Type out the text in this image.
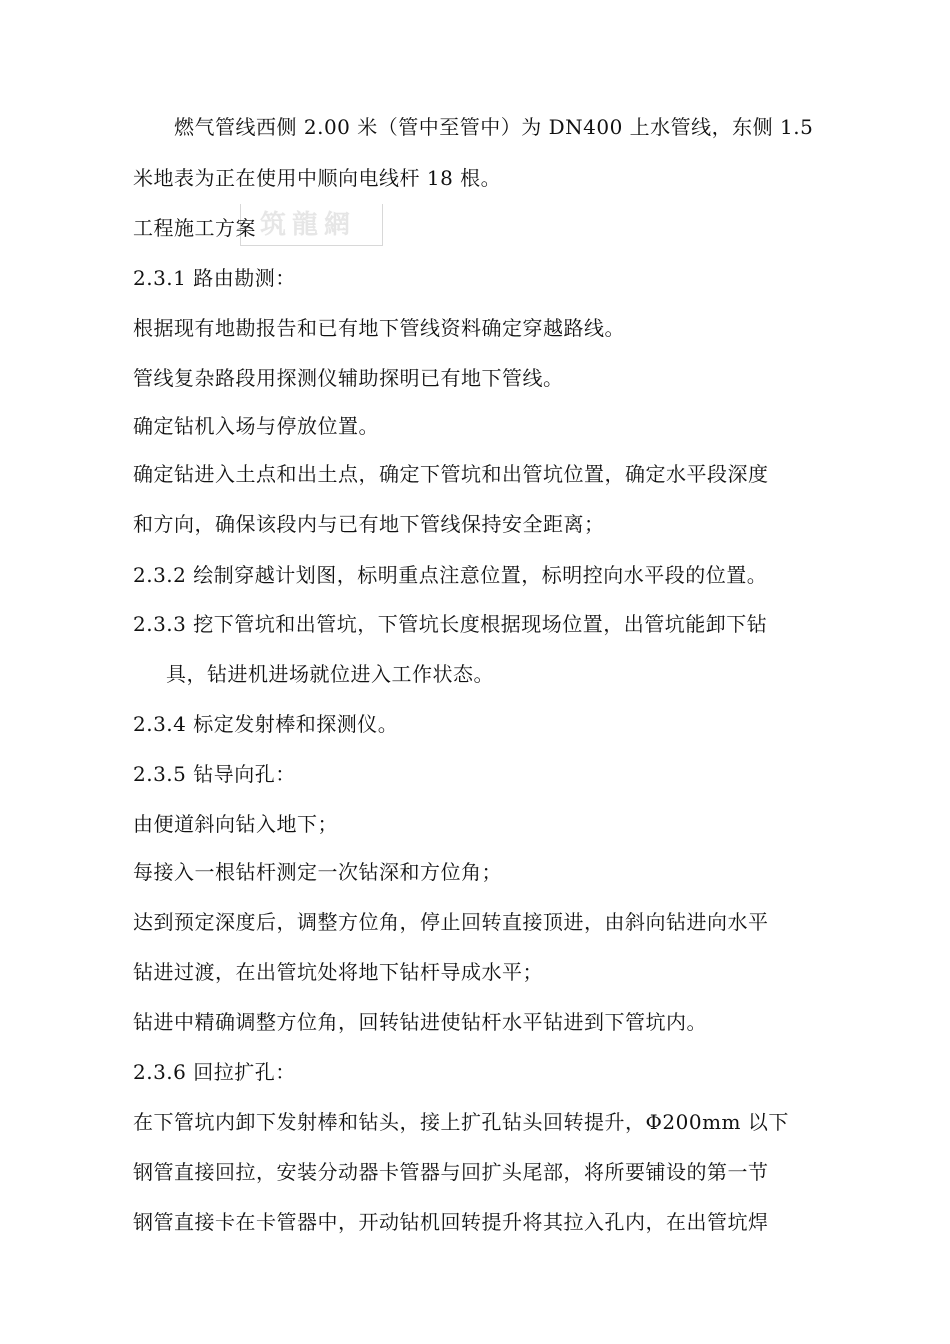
筑龍網
燃气管线西侧 2.00 米（管中至管中）为 DN400 上水管线，东侧 1.5
米地表为正在使用中顺向电线杆 18 根。
工程施工方案
2.3.1 路由勘测：
根据现有地勘报告和已有地下管线资料确定穿越路线。
管线复杂路段用探测仪辅助探明已有地下管线。
确定钻机入场与停放位置。
确定钻进入土点和出土点，确定下管坑和出管坑位置，确定水平段深度
和方向，确保该段内与已有地下管线保持安全距离；
2.3.2 绘制穿越计划图，标明重点注意位置，标明控向水平段的位置。
2.3.3 挖下管坑和出管坑，下管坑长度根据现场位置，出管坑能卸下钻
具，钻进机进场就位进入工作状态。
2.3.4 标定发射棒和探测仪。
2.3.5 钻导向孔：
由便道斜向钻入地下；
每接入一根钻杆测定一次钻深和方位角；
达到预定深度后，调整方位角，停止回转直接顶进，由斜向钻进向水平
钻进过渡，在出管坑处将地下钻杆导成水平；
钻进中精确调整方位角，回转钻进使钻杆水平钻进到下管坑内。
2.3.6 回拉扩孔：
在下管坑内卸下发射棒和钻头，接上扩孔钻头回转提升，Φ200mm 以下
钢管直接回拉，安装分动器卡管器与回扩头尾部，将所要铺设的第一节
钢管直接卡在卡管器中，开动钻机回转提升将其拉入孔内，在出管坑焊
